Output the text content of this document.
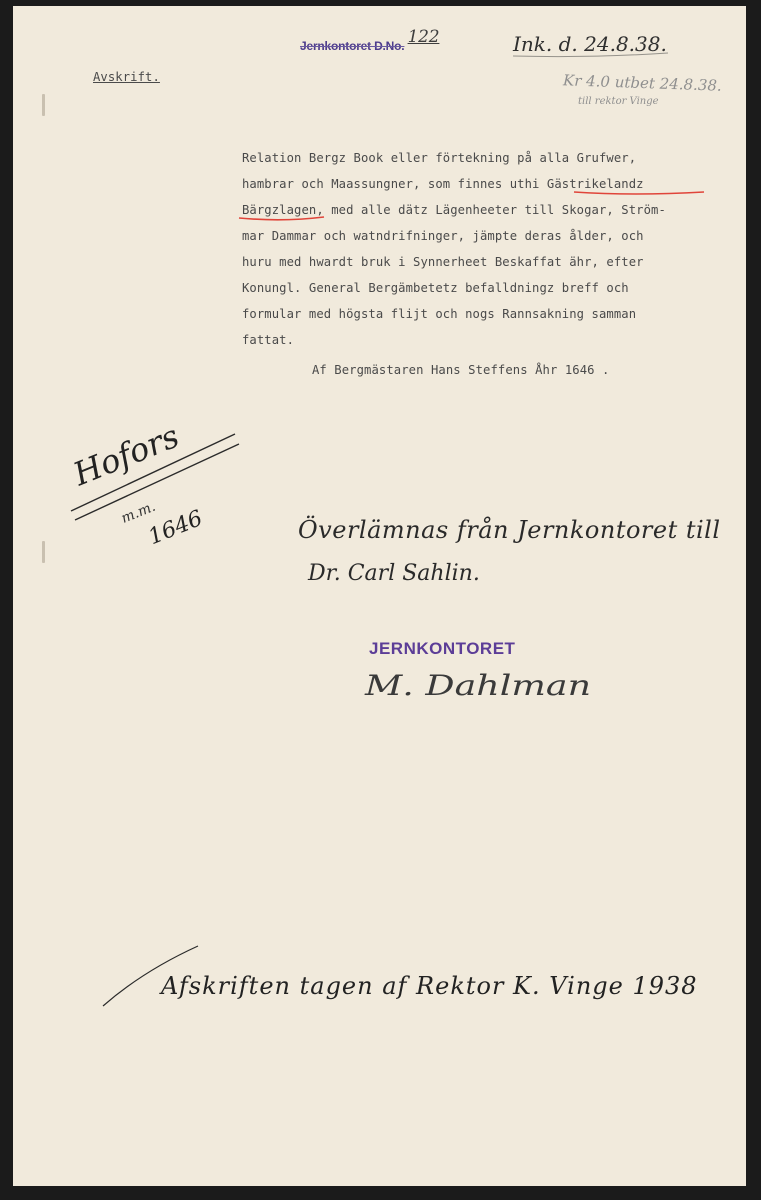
Jernkontoret D.No. 122	Ink. d. 24.8.38.
Kr 4.0 utbet 24.8.38.
till rektor Vinge
Avskrift.
Relation Bergz Book eller förtekning på alla Grufwer,
hambrar och Maassungner, som finnes uthi Gästrikelandz
Bärgzlagen, med alle dätz Lägenheeter till Skogar, Ström-
mar Dammar och watndrifninger, jämpte deras ålder, och
huru med hwardt bruk i Synnerheet Beskaffat ähr, efter
Konungl. General Bergämbetetz befalldningz breff och
formular med högsta flijt och nogs Rannsakning samman
fattat.
Af Bergmästaren Hans Steffens Åhr 1646 .
Hofors
m.m.
1646	Överlämnas från Jernkontoret till
Dr. Carl Sahlin.
JERNKONTORET
M. Dahlman
Afskriften tagen af Rektor K. Vinge 1938
